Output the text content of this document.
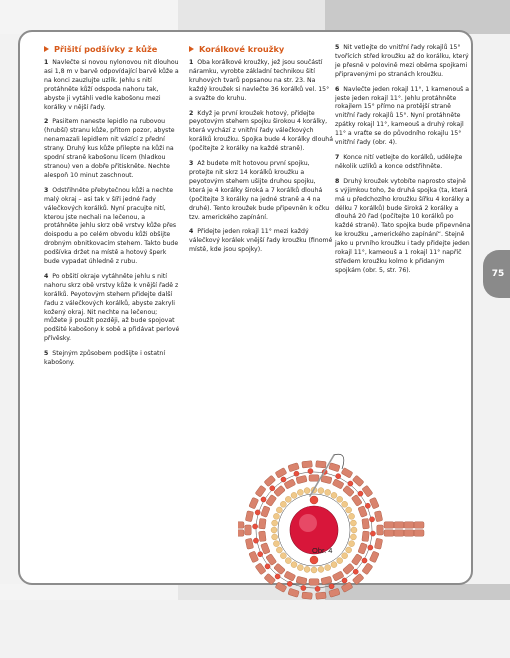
Přišití podšívky z kůže

1 Navlečte si novou nylonovou nit dlouhou asi 1,8 m v barvě odpovídající barvě kůže a na konci zauzlujte uzlík. Jehlu s nití protáhněte kůží odspoda nahoru tak, abyste ji vytáhli vedle kabošonu mezi korálky v nější řady.

2 Pasiitem naneste lepidlo na rubovou (hrubší) stranu kůže, přitom pozor, abyste nenamazali lepidlem nit vázící z přední strany. Druhý kus kůže přilepte na kůži na spodní straně kabošonu lícem (hladkou stranou) ven a dobře přitiskněte. Nechte alespoň 10 minut zaschnout.

3 Odstřihněte přebytečnou kůži a nechte malý okraj – asi tak v šíři jedné řady válečkových korálků. Nyní pracujte nití, kterou jste nechali na lečenou, a protáhněte jehlu skrz obě vrstvy kůže přes doispodu a po celém obvodu kůži obšijte drobným obnitkovacím stehem. Takto bude podšívka držet na místě a hotový šperk bude vypadat úhledně z rubu.

4 Po obšití okraje vytáhněte jehlu s nití nahoru skrz obě vrstvy kůže k vnější řadě z korálků. Peyotovým stehem přidejte další řadu z válečkových korálků, abyste zakryli kožený okraj. Nit nechte na lečenou; můžete ji použít později, až bude spojovat podšité kabošony k sobě a přidávat perlové přívěsky.

5 Stejným způsobem podšijte i ostatní kabošony.

Korálkové kroužky

1 Oba korálkové kroužky, jež jsou součástí náramku, vyrobte základní technikou šití kruhových tvarů popsanou na str. 23. Na každý kroužek si navlečte 36 korálků vel. 15° a svažte do kruhu.

2 Když je první kroužek hotový, přidejte peyotovým stehem spojku širokou 4 korálky, která vychází z vnitřní řady válečkových korálků kroužku. Spojka bude 4 korálky dlouhá (počítejte 2 korálky na každé straně).

3 Až budete mít hotovou první spojku, protejte nit skrz 14 korálků kroužku a peyotovým stehem ušijte druhou spojku, která je 4 korálky široká a 7 korálků dlouhá (počítejte 3 korálky na jedné straně a 4 na druhé). Tento kroužek bude připevněn k očku tzv. amerického zapínání.

4 Přidejte jeden rokajl 11° mezi každý válečkový korálek vnější řady kroužku (finomé místě, kde jsou spojky).

5 Nit vetlejte do vnitřní řady rokajlů 15° tvořících střed kroužku až do korálku, který je přesně v polovině mezi oběma spojkami připravenými po stranách kroužku.

6 Navlečte jeden rokajl 11°, 1 kamenouš a jeste jeden rokajl 11°. Jehlu protáhněte rokajlem 15° přímo na protější straně vnitřní řady rokajlů 15°. Nyní protáhněte zpátky rokajl 11°, kameouš a druhý rokajl 11° a vraťte se do původního rokajlu 15° vnitřní řady (obr. 4).

7 Konce nití vetlejte do korálků, udělejte několik uzlíků a konce odstřihněte.

8 Druhý kroužek vytobíte naprosto stejně s výjimkou toho, že druhá spojka (ta, která má u předchozího kroužku šířku 4 korálky a délku 7 korálků) bude široká 2 korálky a dlouhá 20 řad (počítejte 10 korálků po každé straně). Tato spojka bude připevněna ke kroužku „amerického zapínání“. Stejně jako u prvního kroužku i tady přidejte jeden rokajl 11°, kameouš a 1 rokajl 11° napříč středem kroužku kolmo k přidaným spojkám (obr. 5, str. 76).

Obr. 4
75
